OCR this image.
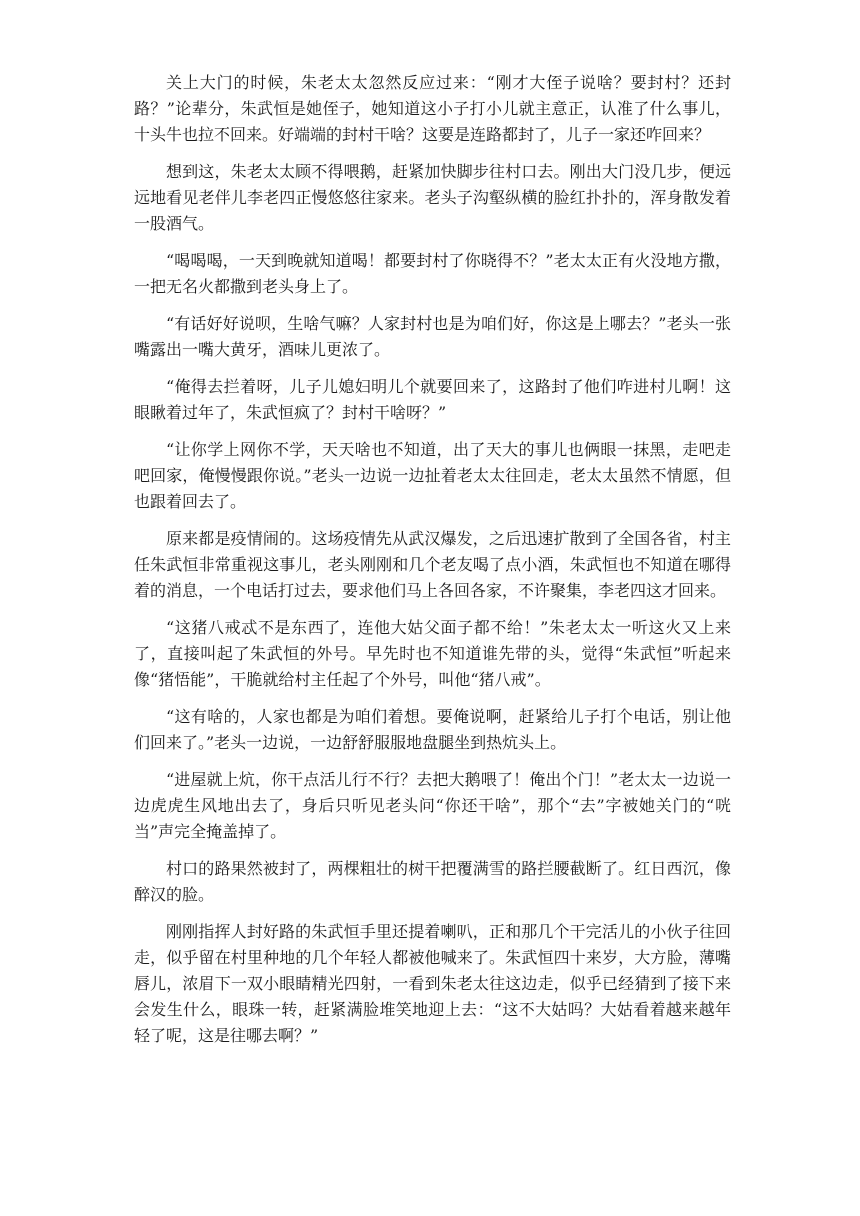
关上大门的时候，朱老太太忽然反应过来：“刚才大侄子说啥？要封村？还封路？”论辈分，朱武恒是她侄子，她知道这小子打小儿就主意正，认准了什么事儿，十头牛也拉不回来。好端端的封村干啥？这要是连路都封了，儿子一家还咋回来？

想到这，朱老太太顾不得喂鹅，赶紧加快脚步往村口去。刚出大门没几步，便远远地看见老伴儿李老四正慢悠悠往家来。老头子沟壑纵横的脸红扑扑的，浑身散发着一股酒气。

“喝喝喝，一天到晚就知道喝！都要封村了你晓得不？”老太太正有火没地方撒，一把无名火都撒到老头身上了。

“有话好好说呗，生啥气嘛？人家封村也是为咱们好，你这是上哪去？”老头一张嘴露出一嘴大黄牙，酒味儿更浓了。

“俺得去拦着呀，儿子儿媳妇明儿个就要回来了，这路封了他们咋进村儿啊！这眼瞅着过年了，朱武恒疯了？封村干啥呀？”

“让你学上网你不学，天天啥也不知道，出了天大的事儿也俩眼一抹黑，走吧走吧回家，俺慢慢跟你说。”老头一边说一边扯着老太太往回走，老太太虽然不情愿，但也跟着回去了。

原来都是疫情闹的。这场疫情先从武汉爆发，之后迅速扩散到了全国各省，村主任朱武恒非常重视这事儿，老头刚刚和几个老友喝了点小酒，朱武恒也不知道在哪得着的消息，一个电话打过去，要求他们马上各回各家，不许聚集，李老四这才回来。

“这猪八戒忒不是东西了，连他大姑父面子都不给！”朱老太太一听这火又上来了，直接叫起了朱武恒的外号。早先时也不知道谁先带的头，觉得“朱武恒”听起来像“猪悟能”，干脆就给村主任起了个外号，叫他“猪八戒”。

“这有啥的，人家也都是为咱们着想。要俺说啊，赶紧给儿子打个电话，别让他们回来了。”老头一边说，一边舒舒服服地盘腿坐到热炕头上。

“进屋就上炕，你干点活儿行不行？去把大鹅喂了！俺出个门！”老太太一边说一边虎虎生风地出去了，身后只听见老头问“你还干啥”，那个“去”字被她关门的“咣当”声完全掩盖掉了。

村口的路果然被封了，两棵粗壮的树干把覆满雪的路拦腰截断了。红日西沉，像醉汉的脸。

刚刚指挥人封好路的朱武恒手里还提着喇叭，正和那几个干完活儿的小伙子往回走，似乎留在村里种地的几个年轻人都被他喊来了。朱武恒四十来岁，大方脸，薄嘴唇儿，浓眉下一双小眼睛精光四射，一看到朱老太往这边走，似乎已经猜到了接下来会发生什么，眼珠一转，赶紧满脸堆笑地迎上去：“这不大姑吗？大姑看着越来越年轻了呢，这是往哪去啊？”
